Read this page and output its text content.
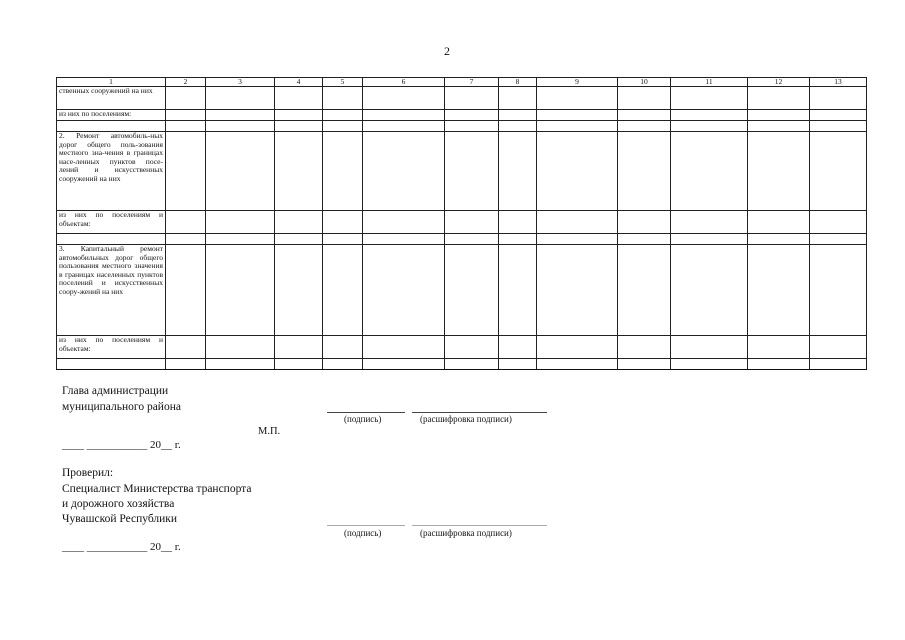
2
1	2	3	4	5	6	7	8	9	10	11	12	13
ственных сооружений на них												
из них по поселениям:												

2. Ремонт автомобиль-ных дорог общего поль-зования местного зна-чения в границах насе-ленных пунктов посе-лений и искусственных сооружений на них												
из них по поселениям и объектам:												

3. Капитальный ремонт автомобильных дорог общего пользования местного значения в границах населенных пунктов поселений и искусственных соору-жений на них												
из них по поселениям и объектам:												

Глава администрации
муниципального района
(подпись)	(расшифровка подписи)
М.П.
____ ___________ 20__ г.
Проверил:
Специалист Министерства транспорта
и дорожного хозяйства
Чувашской Республики
(подпись)	(расшифровка подписи)
____ ___________ 20__ г.
